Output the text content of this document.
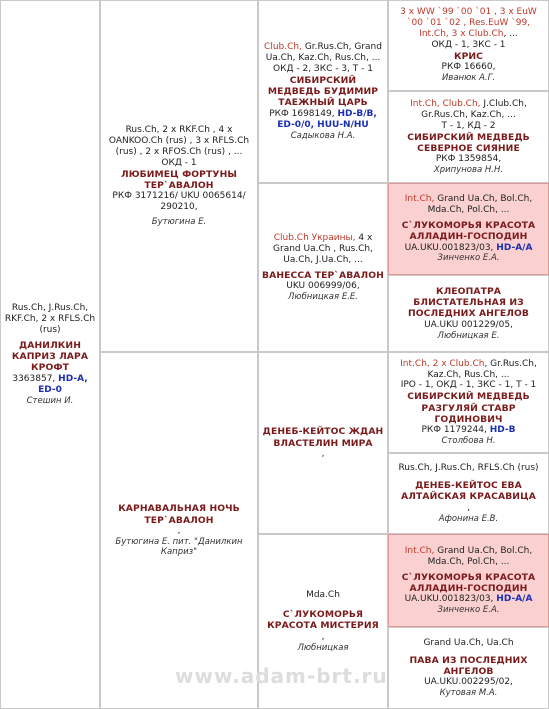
Rus.Ch, J.Rus.Ch, RKF.Ch, 2 x RFLS.Ch (rus)
ДАНИЛКИН КАПРИЗ ЛАРА КРОФТ
3363857, HD-A,
ED-0
Стешин И.
Rus.Ch, 2 x RKF.Ch , 4 x OANKOO.Ch (rus) , 3 x RFLS.Ch (rus) , 2 x RFOS.Ch (rus) , ...
ОКД - 1
ЛЮБИМЕЦ ФОРТУНЫ ТЕР`АВАЛОН
РКФ 3171216/ UKU 0065614/ 290210,
Бутюгина Е.
КАРНАВАЛЬНАЯ НОЧЬ ТЕР`АВАЛОН
,
Бутюгина Е. пит. "Данилкин Каприз"
Club.Ch, Gr.Rus.Ch, Grand Ua.Ch, Kaz.Ch, Rus.Ch, ...
ОКД - 2, ЗКС - 3, Т - 1
СИБИРСКИЙ МЕДВЕДЬ БУДИМИР ТАЕЖНЫЙ ЦАРЬ
РКФ 1698149, HD-B/B, ED-0/0, HUU-N/HU
Садыкова Н.А.
Club.Ch Украины, 4 x Grand Ua.Ch , Rus.Ch, Ua.Ch, J.Ua.Ch, ...
ВАНЕССА ТЕР`АВАЛОН
UKU 006999/06,
Любницкая Е.Е.
ДЕНЕБ-КЕЙТОС ЖДАН ВЛАСТЕЛИН МИРА
,
Mda.Ch
С`ЛУКОМОРЬЯ КРАСОТА МИСТЕРИЯ
,
Любницкая
3 x WW `99 `00 `01 , 3 x EuW `00 `01 `02 , Res.EuW `99, Int.Ch, 3 x Club.Ch, ...
ОКД - 1, ЗКС - 1
КРИС
РКФ 16660,
Иванюк А.Г.
Int.Ch, Club.Ch, J.Club.Ch, Gr.Rus.Ch, Kaz.Ch, ...
Т - 1, КД - 2
СИБИРСКИЙ МЕДВЕДЬ СЕВЕРНОЕ СИЯНИЕ
РКФ 1359854,
Хрипунова Н.Н.
Int.Ch, Grand Ua.Ch, Bol.Ch, Mda.Ch, Pol.Ch, ...
С`ЛУКОМОРЬЯ КРАСОТА АЛЛАДИН-ГОСПОДИН
UA.UKU.001823/03, HD-A/A
Зинченко Е.А.
КЛЕОПАТРА БЛИСТАТЕЛЬНАЯ ИЗ ПОСЛЕДНИХ АНГЕЛОВ
UA.UKU 001229/05,
Любницкая Е.
Int.Ch, 2 x Club.Ch, Gr.Rus.Ch, Kaz.Ch, Rus.Ch, ...
IPO - 1, ОКД - 1, ЗКС - 1, Т - 1
СИБИРСКИЙ МЕДВЕДЬ РАЗГУЛЯЙ СТАВР ГОДИНОВИЧ
РКФ 1179244, HD-B
Столбова Н.
Rus.Ch, J.Rus.Ch, RFLS.Ch (rus)
ДЕНЕБ-КЕЙТОС ЕВА АЛТАЙСКАЯ КРАСАВИЦА
,
Афонина Е.В.
Int.Ch, Grand Ua.Ch, Bol.Ch, Mda.Ch, Pol.Ch, ...
С`ЛУКОМОРЬЯ КРАСОТА АЛЛАДИН-ГОСПОДИН
UA.UKU.001823/03, HD-A/A
Зинченко Е.А.
Grand Ua.Ch, Ua.Ch
ПАВА ИЗ ПОСЛЕДНИХ АНГЕЛОВ
UA.UKU.002295/02,
Кутовая М.А.
www.adam-brt.ru
